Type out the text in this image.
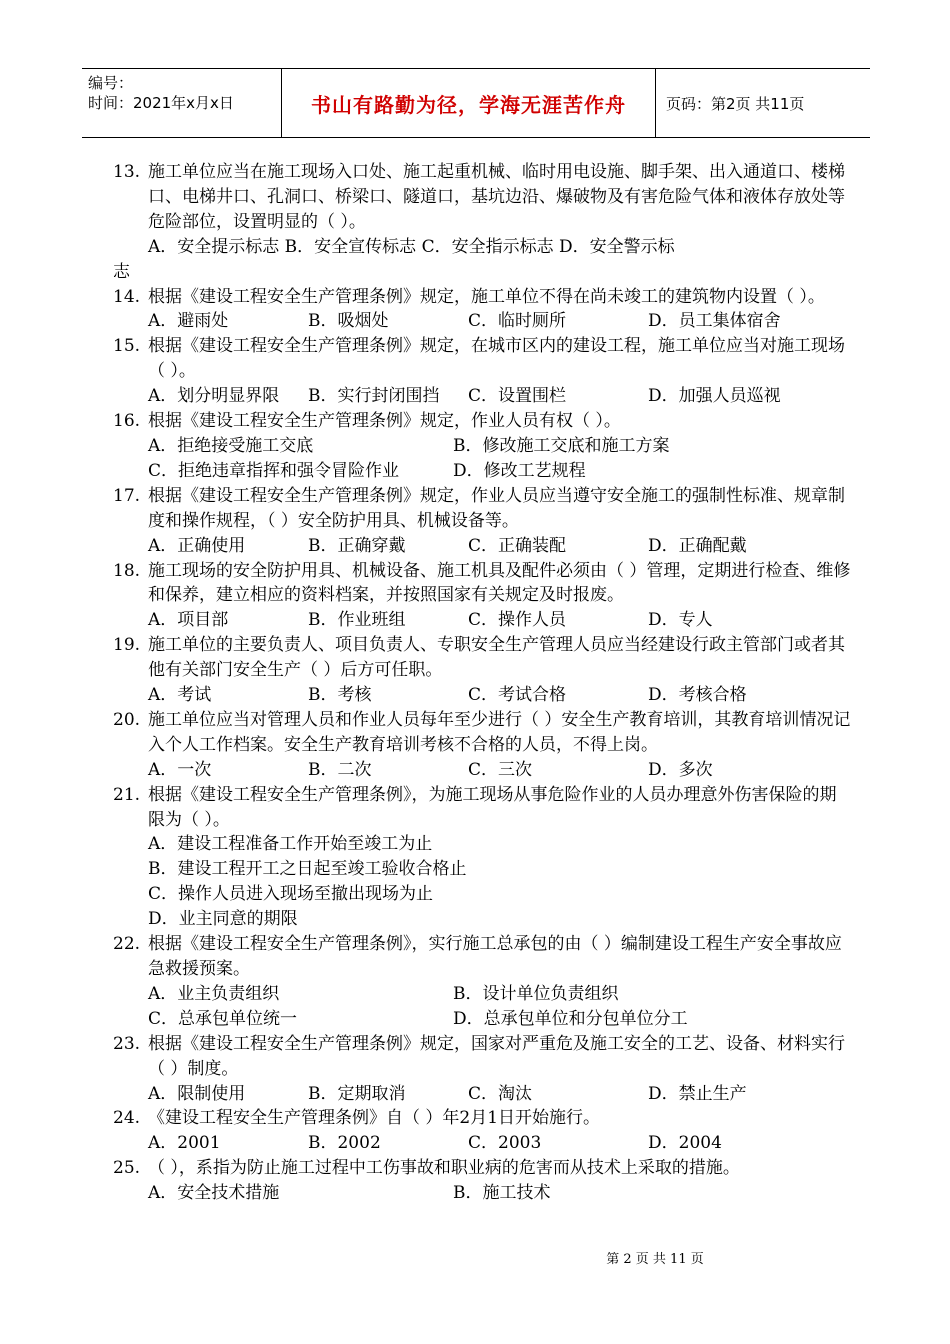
编号：
时间：2021年x月x日	书山有路勤为径，学海无涯苦作舟	页码：第2页 共11页
13. 施工单位应当在施工现场入口处、施工起重机械、临时用电设施、脚手架、出入通道口、楼梯口、电梯井口、孔洞口、桥梁口、隧道口，基坑边沿、爆破物及有害危险气体和液体存放处等危险部位，设置明显的（ ）。
A．安全提示标志 B．安全宣传标志 C．安全指示标志 D．安全警示标
志
14. 根据《建设工程安全生产管理条例》规定，施工单位不得在尚未竣工的建筑物内设置（ ）。
A．避雨处	B．吸烟处	C．临时厕所	D．员工集体宿舍
15. 根据《建设工程安全生产管理条例》规定，在城市区内的建设工程，施工单位应当对施工现场（ ）。
A．划分明显界限	B．实行封闭围挡	C．设置围栏	D．加强人员巡视
16. 根据《建设工程安全生产管理条例》规定，作业人员有权（ ）。
A．拒绝接受施工交底	B．修改施工交底和施工方案
C．拒绝违章指挥和强令冒险作业	D．修改工艺规程
17. 根据《建设工程安全生产管理条例》规定，作业人员应当遵守安全施工的强制性标准、规章制度和操作规程，（ ）安全防护用具、机械设备等。
A．正确使用	B．正确穿戴	C．正确装配	D．正确配戴
18. 施工现场的安全防护用具、机械设备、施工机具及配件必须由（ ）管理，定期进行检查、维修和保养，建立相应的资料档案，并按照国家有关规定及时报废。
A．项目部	B．作业班组	C．操作人员	D．专人
19. 施工单位的主要负责人、项目负责人、专职安全生产管理人员应当经建设行政主管部门或者其他有关部门安全生产（ ）后方可任职。
A．考试	B．考核	C．考试合格	D．考核合格
20. 施工单位应当对管理人员和作业人员每年至少进行（ ）安全生产教育培训，其教育培训情况记入个人工作档案。安全生产教育培训考核不合格的人员，不得上岗。
A．一次	B．二次	C．三次	D．多次
21. 根据《建设工程安全生产管理条例》，为施工现场从事危险作业的人员办理意外伤害保险的期限为（ ）。
A．建设工程准备工作开始至竣工为止
B．建设工程开工之日起至竣工验收合格止
C．操作人员进入现场至撤出现场为止
D．业主同意的期限
22. 根据《建设工程安全生产管理条例》，实行施工总承包的由（ ）编制建设工程生产安全事故应急救援预案。
A．业主负责组织	B．设计单位负责组织
C．总承包单位统一	D．总承包单位和分包单位分工
23. 根据《建设工程安全生产管理条例》规定，国家对严重危及施工安全的工艺、设备、材料实行（ ）制度。
A．限制使用	B．定期取消	C．淘汰	D．禁止生产
24. 《建设工程安全生产管理条例》自（ ）年2月1日开始施行。
A．2001	B．2002	C．2003	D．2004
25. （ ），系指为防止施工过程中工伤事故和职业病的危害而从技术上采取的措施。
A．安全技术措施	B．施工技术
第 2 页 共 11 页
